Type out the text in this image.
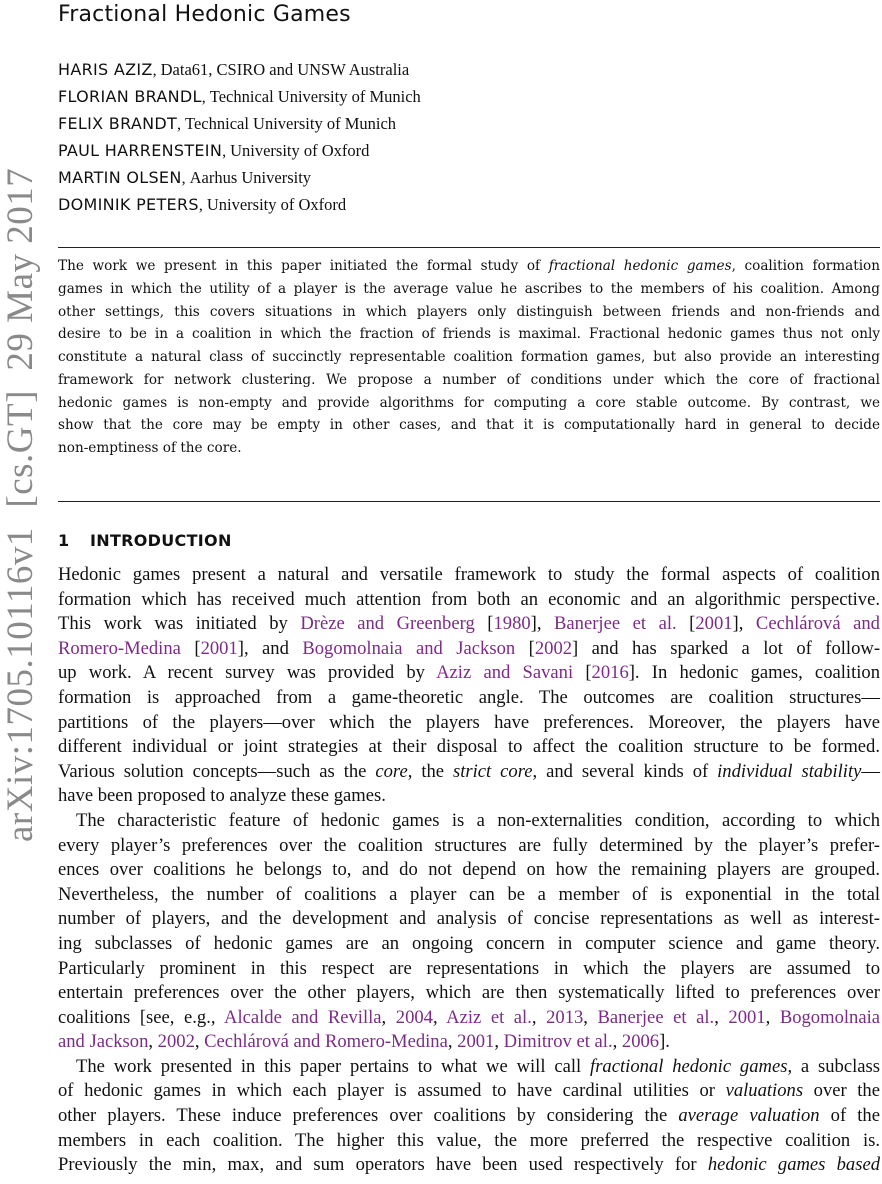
arXiv:1705.10116v1  [cs.GT]  29 May 2017
Fractional Hedonic Games
HARIS AZIZ, Data61, CSIRO and UNSW Australia
FLORIAN BRANDL, Technical University of Munich
FELIX BRANDT, Technical University of Munich
PAUL HARRENSTEIN, University of Oxford
MARTIN OLSEN, Aarhus University
DOMINIK PETERS, University of Oxford
The work we present in this paper initiated the formal study of fractional hedonic games, coalition formation
games in which the utility of a player is the average value he ascribes to the members of his coalition. Among
other settings, this covers situations in which players only distinguish between friends and non-friends and
desire to be in a coalition in which the fraction of friends is maximal. Fractional hedonic games thus not only
constitute a natural class of succinctly representable coalition formation games, but also provide an interesting
framework for network clustering. We propose a number of conditions under which the core of fractional
hedonic games is non-empty and provide algorithms for computing a core stable outcome. By contrast, we
show that the core may be empty in other cases, and that it is computationally hard in general to decide
non-emptiness of the core.
1 INTRODUCTION
Hedonic games present a natural and versatile framework to study the formal aspects of coalition
formation which has received much attention from both an economic and an algorithmic perspective.
This work was initiated by Drèze and Greenberg [1980], Banerjee et al. [2001], Cechlárová and
Romero-Medina [2001], and Bogomolnaia and Jackson [2002] and has sparked a lot of follow-
up work. A recent survey was provided by Aziz and Savani [2016]. In hedonic games, coalition
formation is approached from a game-theoretic angle. The outcomes are coalition structures—
partitions of the players—over which the players have preferences. Moreover, the players have
different individual or joint strategies at their disposal to affect the coalition structure to be formed.
Various solution concepts—such as the core, the strict core, and several kinds of individual stability—
have been proposed to analyze these games.
The characteristic feature of hedonic games is a non-externalities condition, according to which
every player’s preferences over the coalition structures are fully determined by the player’s prefer-
ences over coalitions he belongs to, and do not depend on how the remaining players are grouped.
Nevertheless, the number of coalitions a player can be a member of is exponential in the total
number of players, and the development and analysis of concise representations as well as interest-
ing subclasses of hedonic games are an ongoing concern in computer science and game theory.
Particularly prominent in this respect are representations in which the players are assumed to
entertain preferences over the other players, which are then systematically lifted to preferences over
coalitions [see, e.g., Alcalde and Revilla, 2004, Aziz et al., 2013, Banerjee et al., 2001, Bogomolnaia
and Jackson, 2002, Cechlárová and Romero-Medina, 2001, Dimitrov et al., 2006].
The work presented in this paper pertains to what we will call fractional hedonic games, a subclass
of hedonic games in which each player is assumed to have cardinal utilities or valuations over the
other players. These induce preferences over coalitions by considering the average valuation of the
members in each coalition. The higher this value, the more preferred the respective coalition is.
Previously the min, max, and sum operators have been used respectively for hedonic games based
